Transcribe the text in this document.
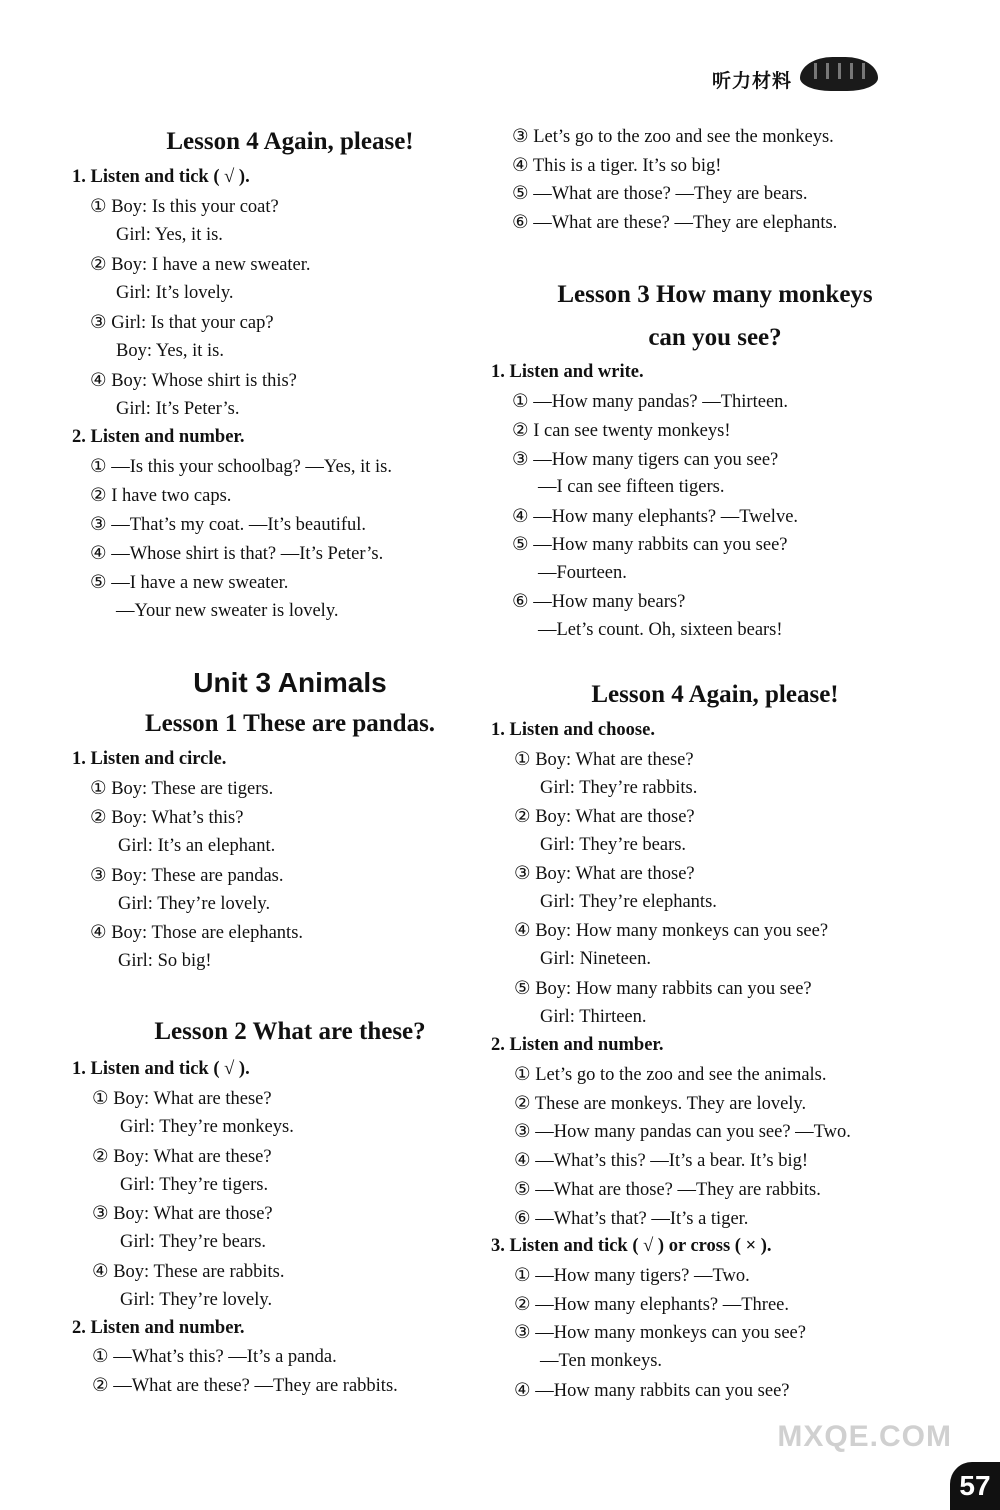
听力材料
Lesson 4 Again, please!
1. Listen and tick ( √ ).
① Boy: Is this your coat?
Girl: Yes, it is.
② Boy: I have a new sweater.
Girl: It’s lovely.
③ Girl: Is that your cap?
Boy: Yes, it is.
④ Boy: Whose shirt is this?
Girl: It’s Peter’s.
2. Listen and number.
① —Is this your schoolbag? —Yes, it is.
② I have two caps.
③ —That’s my coat. —It’s beautiful.
④ —Whose shirt is that? —It’s Peter’s.
⑤ —I have a new sweater.
—Your new sweater is lovely.
Unit 3 Animals
Lesson 1 These are pandas.
1. Listen and circle.
① Boy: These are tigers.
② Boy: What’s this?
Girl: It’s an elephant.
③ Boy: These are pandas.
Girl: They’re lovely.
④ Boy: Those are elephants.
Girl: So big!
Lesson 2 What are these?
1. Listen and tick ( √ ).
① Boy: What are these?
Girl: They’re monkeys.
② Boy: What are these?
Girl: They’re tigers.
③ Boy: What are those?
Girl: They’re bears.
④ Boy: These are rabbits.
Girl: They’re lovely.
2. Listen and number.
① —What’s this? —It’s a panda.
② —What are these? —They are rabbits.
③ Let’s go to the zoo and see the monkeys.
④ This is a tiger. It’s so big!
⑤ —What are those? —They are bears.
⑥ —What are these? —They are elephants.
Lesson 3 How many monkeys
can you see?
1. Listen and write.
① —How many pandas? —Thirteen.
② I can see twenty monkeys!
③ —How many tigers can you see?
—I can see fifteen tigers.
④ —How many elephants? —Twelve.
⑤ —How many rabbits can you see?
—Fourteen.
⑥ —How many bears?
—Let’s count. Oh, sixteen bears!
Lesson 4 Again, please!
1. Listen and choose.
① Boy: What are these?
Girl: They’re rabbits.
② Boy: What are those?
Girl: They’re bears.
③ Boy: What are those?
Girl: They’re elephants.
④ Boy: How many monkeys can you see?
Girl: Nineteen.
⑤ Boy: How many rabbits can you see?
Girl: Thirteen.
2. Listen and number.
① Let’s go to the zoo and see the animals.
② These are monkeys. They are lovely.
③ —How many pandas can you see? —Two.
④ —What’s this? —It’s a bear. It’s big!
⑤ —What are those? —They are rabbits.
⑥ —What’s that? —It’s a tiger.
3. Listen and tick ( √ ) or cross ( × ).
① —How many tigers? —Two.
② —How many elephants? —Three.
③ —How many monkeys can you see?
—Ten monkeys.
④ —How many rabbits can you see?
MXQE.COM
57
